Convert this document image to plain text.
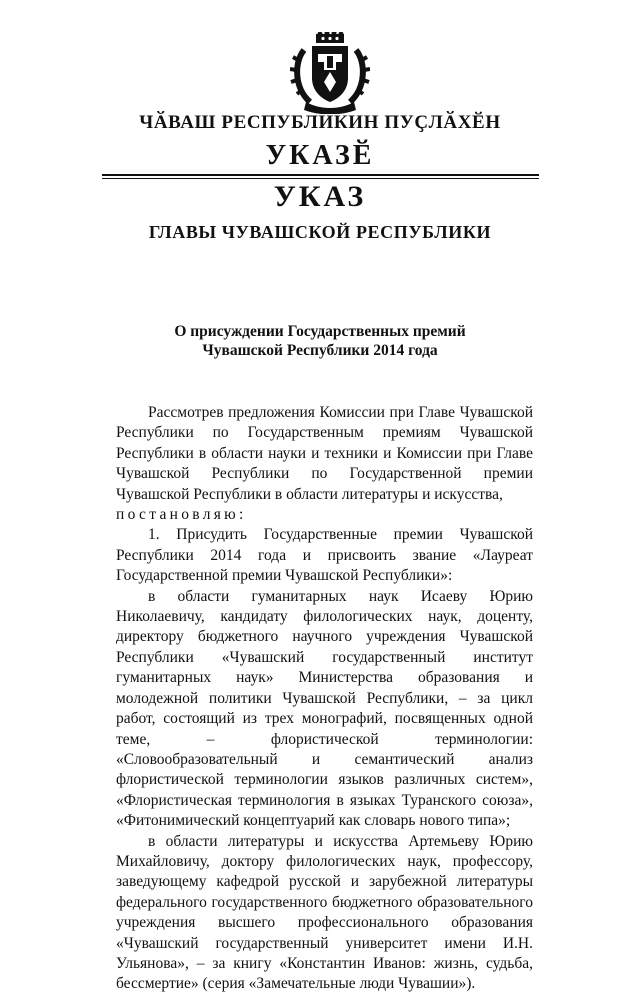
ЧӐВАШ РЕСПУБЛИКИН ПУҪЛӐХӖН
УКАЗӖ
УКАЗ
ГЛАВЫ ЧУВАШСКОЙ РЕСПУБЛИКИ
О присуждении Государственных премий
Чувашской Республики 2014 года

Рассмотрев предложения Комиссии при Главе Чувашской Республики по Государственным премиям Чувашской Республики в области науки и техники и Комиссии при Главе Чувашской Республики по Государственной премии Чувашской Республики в области литературы и искусства,
постановляю:

1. Присудить Государственные премии Чувашской Республики 2014 года и присвоить звание «Лауреат Государственной премии Чувашской Республики»:

в области гуманитарных наук Исаеву Юрию Николаевичу, кандидату филологических наук, доценту, директору бюджетного научного учреждения Чувашской Республики «Чувашский государственный институт гуманитарных наук» Министерства образования и молодежной политики Чувашской Республики, – за цикл работ, состоящий из трех монографий, посвященных одной теме, – флористической терминологии: «Словообразовательный и семантический анализ флористической терминологии языков различных систем», «Флористическая терминология в языках Туранского союза», «Фитонимический концептуарий как словарь нового типа»;

в области литературы и искусства Артемьеву Юрию Михайловичу, доктору филологических наук, профессору, заведующему кафедрой русской и зарубежной литературы федерального государственного бюджетного образовательного учреждения высшего профессионального образования «Чувашский государственный университет имени И.Н. Ульянова», – за книгу «Константин Иванов: жизнь, судьба, бессмертие» (серия «Замечательные люди Чувашии»).
